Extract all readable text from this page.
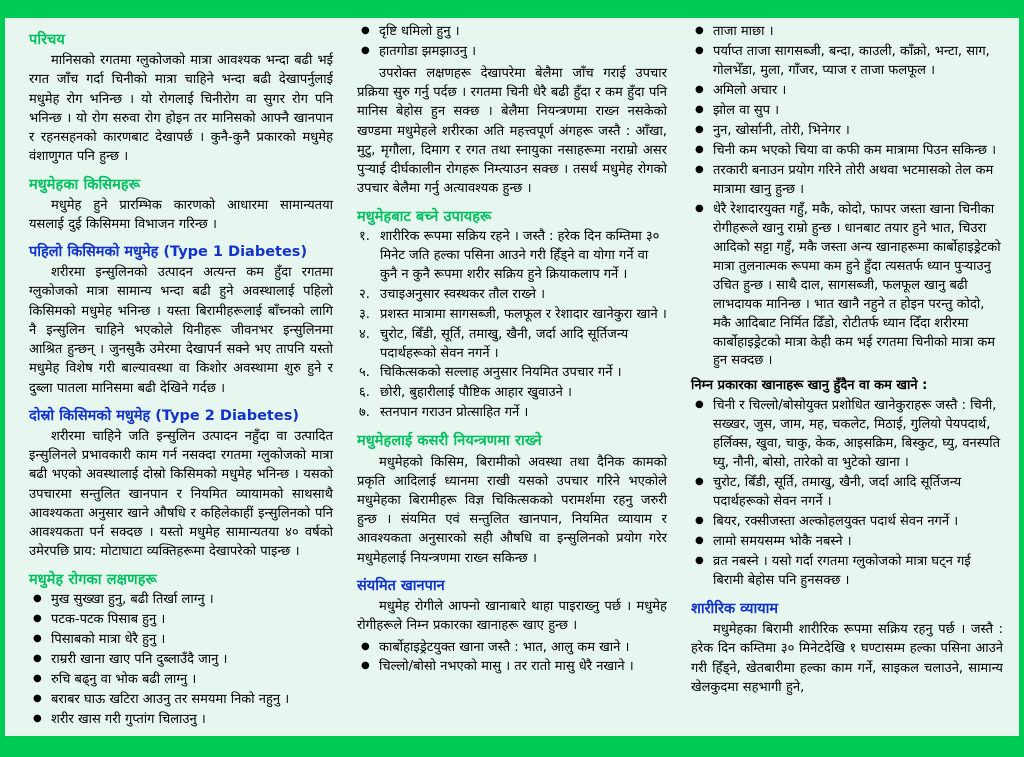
परिचय

मानिसको रगतमा ग्लुकोजको मात्रा आवश्यक भन्दा बढी भई रगत जाँच गर्दा चिनीको मात्रा चाहिने भन्दा बढी देखापर्नुलाई मधुमेह रोग भनिन्छ । यो रोगलाई चिनीरोग वा सुगर रोग पनि भनिन्छ । यो रोग सरुवा रोग होइन तर मानिसको आफ्नै खानपान र रहनसहनको कारणबाट देखापर्छ । कुनै-कुनै प्रकारको मधुमेह वंशाणुगत पनि हुन्छ ।

मधुमेहका किसिमहरू

मधुमेह हुने प्रारम्भिक कारणको आधारमा सामान्यतया यसलाई दुई किसिममा विभाजन गरिन्छ ।

पहिलो किसिमको मधुमेह (Type 1 Diabetes)

शरीरमा इन्सुलिनको उत्पादन अत्यन्त कम हुँदा रगतमा ग्लुकोजको मात्रा सामान्य भन्दा बढी हुने अवस्थालाई पहिलो किसिमको मधुमेह भनिन्छ । यस्ता बिरामीहरूलाई बाँच्नको लागि नै इन्सुलिन चाहिने भएकोले यिनीहरू जीवनभर इन्सुलिनमा आश्रित हुन्छन् । जुनसुकै उमेरमा देखापर्न सक्ने भए तापनि यस्तो मधुमेह विशेष गरी बाल्यावस्था वा किशोर अवस्थामा शुरु हुने र दुब्ला पातला मानिसमा बढी देखिने गर्दछ ।

दोस्रो किसिमको मधुमेह (Type 2 Diabetes)

शरीरमा चाहिने जति इन्सुलिन उत्पादन नहुँदा वा उत्पादित इन्सुलिनले प्रभावकारी काम गर्न नसक्दा रगतमा ग्लुकोजको मात्रा बढी भएको अवस्थालाई दोस्रो किसिमको मधुमेह भनिन्छ । यसको उपचारमा सन्तुलित खानपान र नियमित व्यायामको साथसाथै आवश्यकता अनुसार खाने औषधि र कहिलेकाहीं इन्सुलिनको पनि आवश्यकता पर्न सक्दछ । यस्तो मधुमेह सामान्यतया ४० वर्षको उमेरपछि प्राय: मोटाघाटा व्यक्तिहरूमा देखापरेको पाइन्छ ।

मधुमेह रोगका लक्षणहरू
● मुख सुख्खा हुनु, बढी तिर्खा लाग्नु ।
● पटक-पटक पिसाब हुनु ।
● पिसाबको मात्रा धेरै हुनु ।
● राम्ररी खाना खाए पनि दुब्लाउँदै जानु ।
● रुचि बढ्नु वा भोक बढी लाग्नु ।
● बराबर घाऊ खटिरा आउनु तर समयमा निको नहुनु ।
● शरीर खास गरी गुप्तांग चिलाउनु ।
● दृष्टि धमिलो हुनु ।
● हातगोडा झमझाउनु ।

उपरोक्त लक्षणहरू देखापरेमा बेलैमा जाँच गराई उपचार प्रक्रिया सुरु गर्नु पर्दछ । रगतमा चिनी धेरै बढी हुँदा र कम हुँदा पनि मानिस बेहोस हुन सक्छ । बेलैमा नियन्त्रणमा राख्न नसकेको खण्डमा मधुमेहले शरीरका अति महत्त्वपूर्ण अंगहरू जस्तै : आँखा, मुटु, मृगौला, दिमाग र रगत तथा स्नायुका नसाहरूमा नराम्रो असर पुऱ्याई दीर्घकालीन रोगहरू निम्त्याउन सक्छ । तसर्थ मधुमेह रोगको उपचार बेलैमा गर्नु अत्यावश्यक हुन्छ ।

मधुमेहबाट बच्ने उपायहरू
१. शारीरिक रूपमा सक्रिय रहने । जस्तै : हरेक दिन कम्तिमा ३० मिनेट जति हल्का पसिना आउने गरी हिँड्ने वा योगा गर्ने वा कुनै न कुनै रूपमा शरीर सक्रिय हुने क्रियाकलाप गर्ने ।
२. उचाइअनुसार स्वस्थकर तौल राख्ने ।
३. प्रशस्त मात्रामा सागसब्जी, फलफूल र रेशादार खानेकुरा खाने ।
४. चुरोट, बिँडी, सूर्ति, तमाखु, खैनी, जर्दा आदि सूर्तिजन्य पदार्थहरूको सेवन नगर्ने ।
५. चिकित्सकको सल्लाह अनुसार नियमित उपचार गर्ने ।
६. छोरी, बुहारीलाई पौष्टिक आहार खुवाउने ।
७. स्तनपान गराउन प्रोत्साहित गर्ने ।
मधुमेहलाई कसरी नियन्त्रणमा राख्ने

मधुमेहको किसिम, बिरामीको अवस्था तथा दैनिक कामको प्रकृति आदिलाई ध्यानमा राखी यसको उपचार गरिने भएकोले मधुमेहका बिरामीहरू विज्ञ चिकित्सकको परामर्शमा रहनु जरुरी हुन्छ । संयमित एवं सन्तुलित खानपान, नियमित व्यायाम र आवश्यकता अनुसारको सही औषधि वा इन्सुलिनको प्रयोग गरेर मधुमेहलाई नियन्त्रणमा राख्न सकिन्छ ।

संयमित खानपान

मधुमेह रोगीले आफ्नो खानाबारे थाहा पाइराख्नु पर्छ । मधुमेह रोगीहरूले निम्न प्रकारका खानाहरू खाए हुन्छ ।

● कार्बोहाइड्रेटयुक्त खाना जस्तै : भात, आलु कम खाने ।
● चिल्लो/बोसो नभएको मासु । तर रातो मासु धेरै नखाने ।
● ताजा माछा ।
● पर्याप्त ताजा सागसब्जी, बन्दा, काउली, काँक्रो, भन्टा, साग, गोलभेँडा, मुला, गाँजर, प्याज र ताजा फलफूल ।
● अमिलो अचार ।
● झोल वा सुप ।
● नुन, खोर्सानी, तोरी, भिनेगर ।
● चिनी कम भएको चिया वा कफी कम मात्रामा पिउन सकिन्छ ।
● तरकारी बनाउन प्रयोग गरिने तोरी अथवा भटमासको तेल कम मात्रामा खानु हुन्छ ।
● धेरै रेशादारयुक्त गहुँ, मकै, कोदो, फापर जस्ता खाना चिनीका रोगीहरूले खानु राम्रो हुन्छ । धानबाट तयार हुने भात, चिउरा आदिको सट्टा गहुँ, मकै जस्ता अन्य खानाहरूमा कार्बोहाइड्रेटको मात्रा तुलनात्मक रूपमा कम हुने हुँदा त्यसतर्फ ध्यान पुऱ्याउनु उचित हुन्छ । साथै दाल, सागसब्जी, फलफूल खानु बढी लाभदायक मानिन्छ । भात खानै नहुने त होइन परन्तु कोदो, मकै आदिबाट निर्मित ढिँडो, रोटीतर्फ ध्यान दिँदा शरीरमा कार्बोहाइड्रेटको मात्रा केही कम भई रगतमा चिनीको मात्रा कम हुन सक्दछ ।
निम्न प्रकारका खानाहरू खानु हुँदैन वा कम खाने :
● चिनी र चिल्लो/बोसोयुक्त प्रशोधित खानेकुराहरू जस्तै : चिनी, सख्खर, जुस, जाम, मह, चकलेट, मिठाई, गुलियो पेयपदार्थ, हर्लिक्स, खुवा, चाकु, केक, आइसक्रिम, बिस्कुट, घ्यु, वनस्पति घ्यु, नौनी, बोसो, तारेको वा भुटेको खाना ।
● चुरोट, बिँडी, सूर्ति, तमाखु, खैनी, जर्दा आदि सूर्तिजन्य पदार्थहरूको सेवन नगर्ने ।
● बियर, रक्सीजस्ता अल्कोहलयुक्त पदार्थ सेवन नगर्ने ।
● लामो समयसम्म भोकै नबस्ने ।
● व्रत नबस्ने । यसो गर्दा रगतमा ग्लुकोजको मात्रा घट्न गई बिरामी बेहोस पनि हुनसक्छ ।
शारीरिक व्यायाम

मधुमेहका बिरामी शारीरिक रूपमा सक्रिय रहनु पर्छ । जस्तै : हरेक दिन कम्तिमा ३० मिनेटदेखि १ घण्टासम्म हल्का पसिना आउने गरी हिँड्ने, खेतबारीमा हल्का काम गर्ने, साइकल चलाउने, सामान्य खेलकुदमा सहभागी हुने,
